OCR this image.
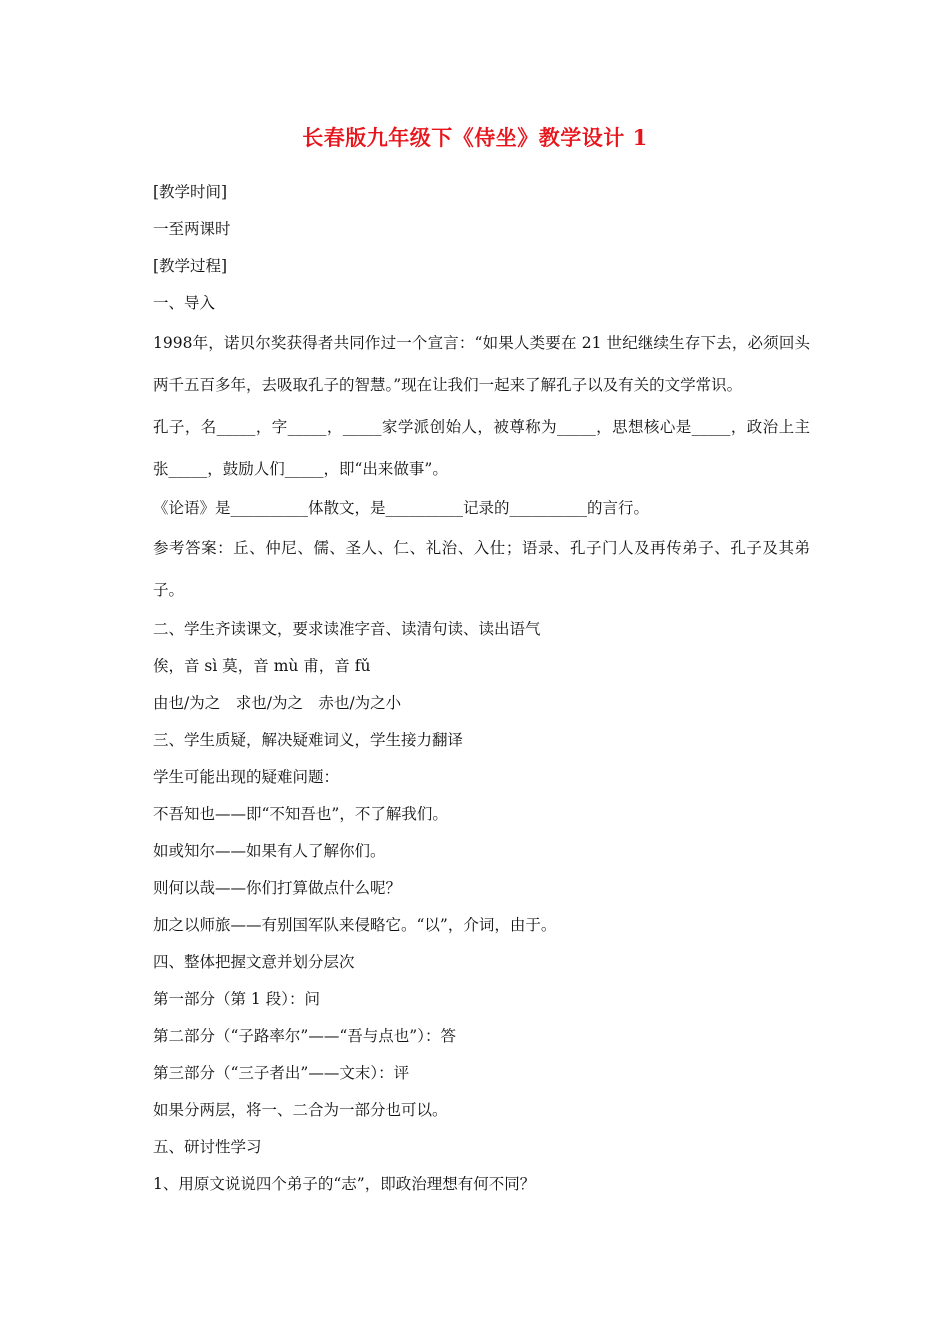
长春版九年级下《侍坐》教学设计 1

[教学时间]

一至两课时

[教学过程]

一、导入

1998年，诺贝尔奖获得者共同作过一个宣言：“如果人类要在 21 世纪继续生存下去，必须回头两千五百多年，去吸取孔子的智慧。”现在让我们一起来了解孔子以及有关的文学常识。

孔子，名_____，字_____，_____家学派创始人，被尊称为_____，思想核心是_____，政治上主张_____，鼓励人们_____，即“出来做事”。

《论语》是__________体散文，是__________记录的__________的言行。

参考答案：丘、仲尼、儒、圣人、仁、礼治、入仕；语录、孔子门人及再传弟子、孔子及其弟子。

二、学生齐读课文，要求读准字音、读清句读、读出语气

俟，音 sì 莫，音 mù 甫，音 fǔ

由也/为之　求也/为之　赤也/为之小

三、学生质疑，解决疑难词义，学生接力翻译

学生可能出现的疑难问题：

不吾知也——即“不知吾也”，不了解我们。

如或知尔——如果有人了解你们。

则何以哉——你们打算做点什么呢？

加之以师旅——有别国军队来侵略它。“以”，介词，由于。

四、整体把握文意并划分层次

第一部分（第 1 段）：问

第二部分（“子路率尔”——“吾与点也”）：答

第三部分（“三子者出”——文末）：评

如果分两层，将一、二合为一部分也可以。

五、研讨性学习

1、用原文说说四个弟子的“志”，即政治理想有何不同？
